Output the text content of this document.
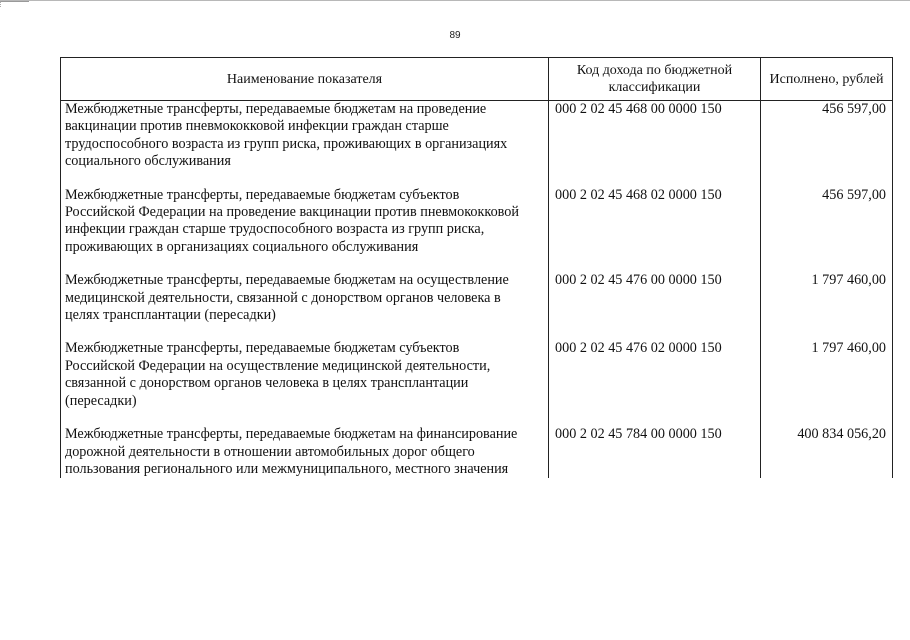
89
Наименование показателя	Код дохода по бюджетной классификации	Исполнено, рублей
Межбюджетные трансферты, передаваемые бюджетам на проведение вакцинации против пневмококковой инфекции граждан старше трудоспособного возраста из групп риска, проживающих в организациях социального обслуживания	000 2 02 45 468 00 0000 150	456 597,00

Межбюджетные трансферты, передаваемые бюджетам субъектов Российской Федерации на проведение вакцинации против пневмококковой инфекции граждан старше трудоспособного возраста из групп риска, проживающих в организациях социального обслуживания	000 2 02 45 468 02 0000 150	456 597,00

Межбюджетные трансферты, передаваемые бюджетам на осуществление медицинской деятельности, связанной с донорством органов человека в целях трансплантации (пересадки)	000 2 02 45 476 00 0000 150	1 797 460,00

Межбюджетные трансферты, передаваемые бюджетам субъектов Российской Федерации на осуществление медицинской деятельности, связанной с донорством органов человека в целях трансплантации (пересадки)	000 2 02 45 476 02 0000 150	1 797 460,00

Межбюджетные трансферты, передаваемые бюджетам на финансирование дорожной деятельности в отношении автомобильных дорог общего пользования регионального или межмуниципального, местного значения	000 2 02 45 784 00 0000 150	400 834 056,20
